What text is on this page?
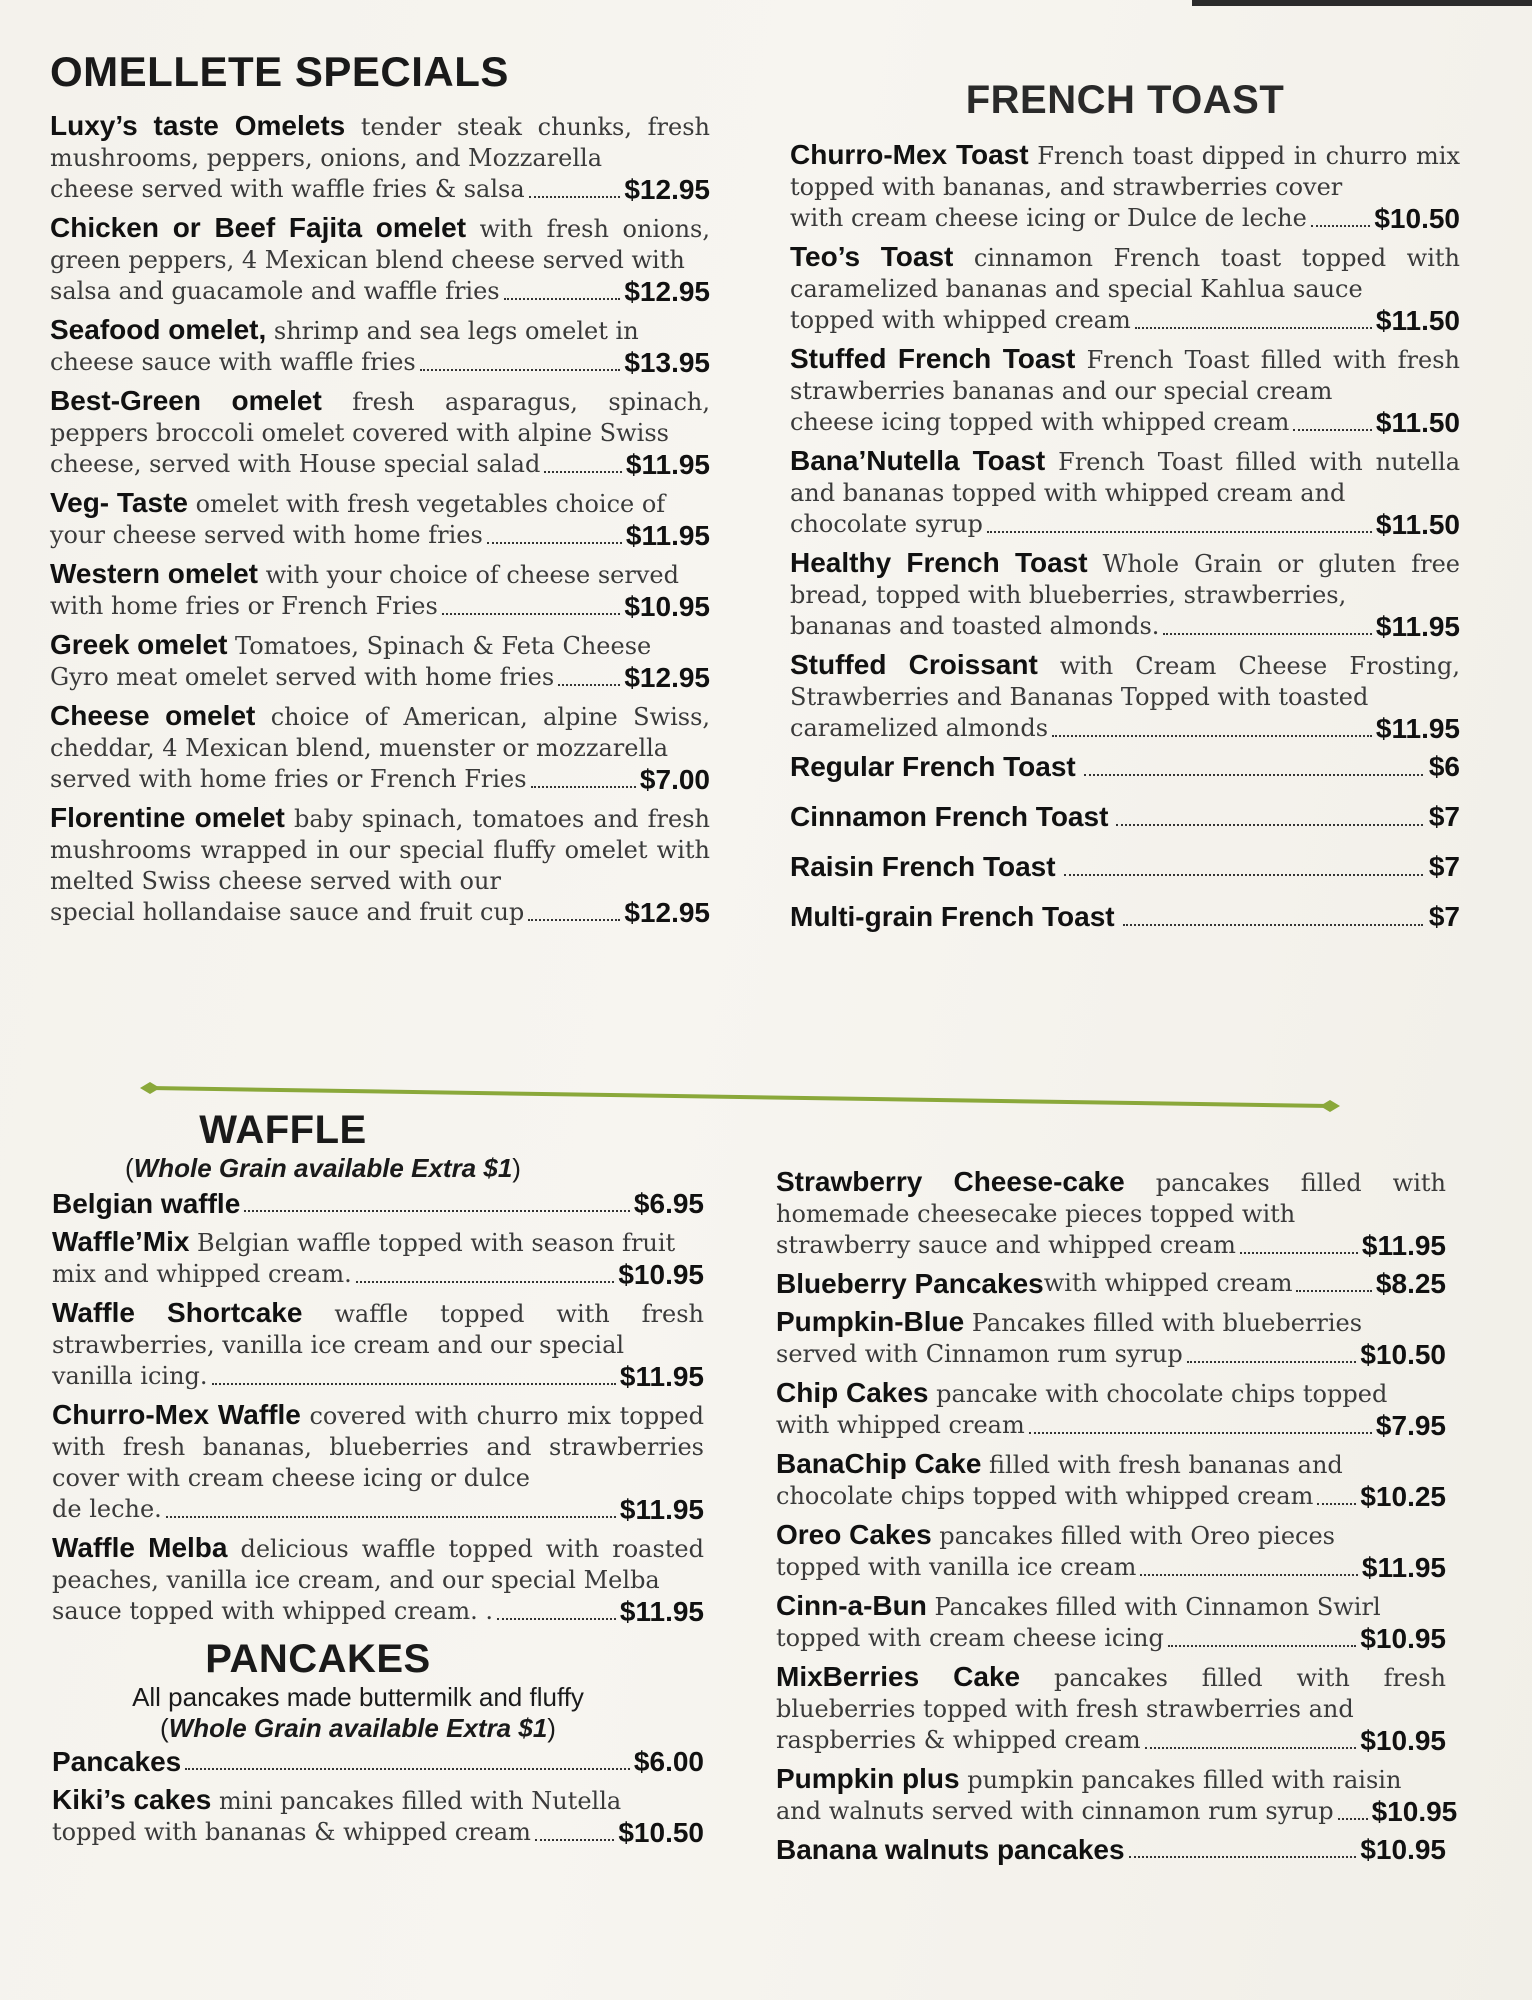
OMELLETE SPECIALS
Luxy’s taste Omelets tender steak chunks, fresh mushrooms, peppers, onions, and Mozzarella
cheese served with waffle fries & salsa	$12.95
Chicken or Beef Fajita omelet with fresh onions, green peppers, 4 Mexican blend cheese served with
salsa and guacamole and waffle fries	$12.95
Seafood omelet, shrimp and sea legs omelet in
cheese sauce with waffle fries	$13.95
Best-Green omelet fresh asparagus, spinach, peppers broccoli omelet covered with alpine Swiss
cheese, served with House special salad	$11.95
Veg- Taste omelet with fresh vegetables choice of
your cheese served with home fries	$11.95
Western omelet with your choice of cheese served
with home fries or French Fries	$10.95
Greek omelet Tomatoes, Spinach & Feta Cheese
Gyro meat omelet served with home fries	$12.95
Cheese omelet choice of American, alpine Swiss, cheddar, 4 Mexican blend, muenster or mozzarella
served with home fries or French Fries	$7.00
Florentine omelet baby spinach, tomatoes and fresh mushrooms wrapped in our special fluffy omelet with melted Swiss cheese served with our
special hollandaise sauce and fruit cup	$12.95
FRENCH TOAST
Churro-Mex Toast French toast dipped in churro mix topped with bananas, and strawberries cover
with cream cheese icing or Dulce de leche $10.50
Teo’s Toast cinnamon French toast topped with caramelized bananas and special Kahlua sauce
topped with whipped cream	$11.50
Stuffed French Toast French Toast filled with fresh strawberries bananas and our special cream
cheese icing topped with whipped cream	$11.50
Bana’Nutella Toast French Toast filled with nutella and bananas topped with whipped cream and
chocolate syrup	$11.50
Healthy French Toast Whole Grain or gluten free bread, topped with blueberries, strawberries,
bananas and toasted almonds.	$11.95
Stuffed Croissant with Cream Cheese Frosting, Strawberries and Bananas Topped with toasted
caramelized almonds	$11.95
Regular French Toast	$6
Cinnamon French Toast	$7
Raisin French Toast	$7
Multi-grain French Toast	$7
WAFFLE
(Whole Grain available Extra $1)
Belgian waffle	$6.95
Waffle’Mix Belgian waffle topped with season fruit
mix and whipped cream.	$10.95
Waffle Shortcake waffle topped with fresh strawberries, vanilla ice cream and our special
vanilla icing.	$11.95
Churro-Mex Waffle covered with churro mix topped with fresh bananas, blueberries and strawberries cover with cream cheese icing or dulce
de leche.	$11.95
Waffle Melba delicious waffle topped with roasted peaches, vanilla ice cream, and our special Melba
sauce topped with whipped cream. .	$11.95
PANCAKES
All pancakes made buttermilk and fluffy
(Whole Grain available Extra $1)
Pancakes	$6.00
Kiki’s cakes mini pancakes filled with Nutella
topped with bananas & whipped cream	$10.50
Strawberry Cheese-cake pancakes filled with homemade cheesecake pieces topped with
strawberry sauce and whipped cream	$11.95
Blueberry Pancakes with whipped cream	$8.25
Pumpkin-Blue Pancakes filled with blueberries
served with Cinnamon rum syrup	$10.50
Chip Cakes pancake with chocolate chips topped
with whipped cream	$7.95
BanaChip Cake filled with fresh bananas and
chocolate chips topped with whipped cream $10.25
Oreo Cakes pancakes filled with Oreo pieces
topped with vanilla ice cream	$11.95
Cinn-a-Bun Pancakes filled with Cinnamon Swirl
topped with cream cheese icing	$10.95
MixBerries Cake pancakes filled with fresh blueberries topped with fresh strawberries and
raspberries & whipped cream	$10.95
Pumpkin plus pumpkin pancakes filled with raisin
and walnuts served with cinnamon rum syrup $10.95
Banana walnuts pancakes	$10.95
